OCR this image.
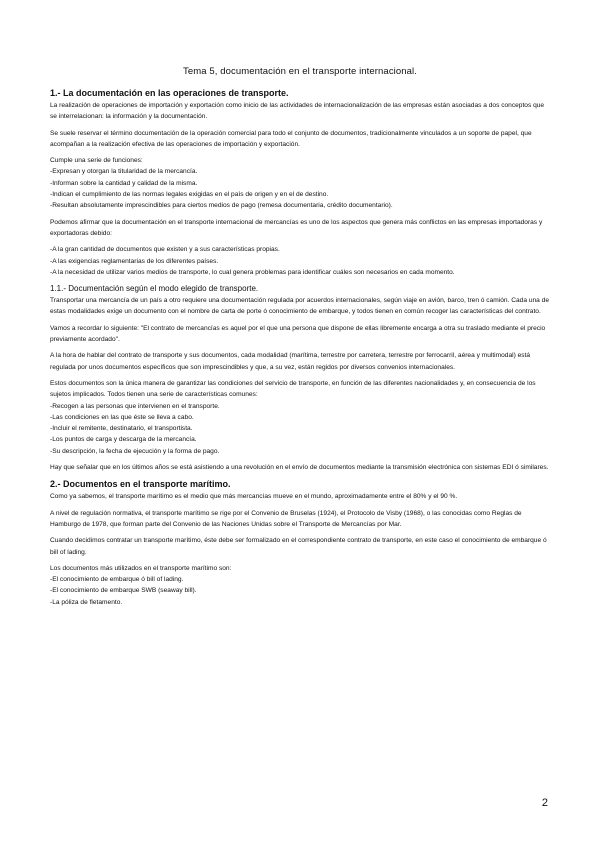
Tema 5, documentación en el transporte internacional.
1.- La documentación en las operaciones de transporte.
La realización de operaciones de importación y exportación como inicio de las actividades de internacionalización de las empresas están asociadas a dos conceptos que se interrelacionan: la información y la documentación.
Se suele reservar el término documentación de la operación comercial para todo el conjunto de documentos, tradicionalmente vinculados a un soporte de papel, que acompañan a la realización efectiva de las operaciones de importación y exportación.
Cumple una serie de funciones:
-Expresan y otorgan la titularidad de la mercancía.
-Informan sobre la cantidad y calidad de la misma.
-Indican el cumplimiento de las normas legales exigidas en el país de origen y en el de destino.
-Resultan absolutamente imprescindibles para ciertos medios de pago (remesa documentaria, crédito documentario).
Podemos afirmar que la documentación en el transporte internacional de mercancías es uno de los aspectos que genera más conflictos en las empresas importadoras y exportadoras debido:
-A la gran cantidad de documentos que existen y a sus características propias.
-A las exigencias reglamentarias de los diferentes países.
-A la necesidad de utilizar varios medios de transporte, lo cual genera problemas para identificar cuáles son necesarios en cada momento.
1.1.- Documentación según el modo elegido de transporte.
Transportar una mercancía de un país a otro requiere una documentación regulada por acuerdos internacionales, según viaje en avión, barco, tren ó camión. Cada una de estas modalidades exige un documento con el nombre de carta de porte ó conocimiento de embarque, y todos tienen en común recoger las características del contrato.
Vamos a recordar lo siguiente: "El contrato de mercancías es aquel por el que una persona que dispone de ellas libremente encarga a otra su traslado mediante el precio previamente acordado".
A la hora de hablar del contrato de transporte y sus documentos, cada modalidad (marítima, terrestre por carretera, terrestre por ferrocarril, aérea y multimodal) está regulada por unos documentos específicos que son imprescindibles y que, a su vez, están regidos por diversos convenios internacionales.
Estos documentos son la única manera de garantizar las condiciones del servicio de transporte, en función de las diferentes nacionalidades y, en consecuencia de los sujetos implicados. Todos tienen una serie de características comunes:
-Recogen a las personas que intervienen en el transporte.
-Las condiciones en las que éste se lleva a cabo.
-Incluir el remitente, destinatario, el transportista.
-Los puntos de carga y descarga de la mercancía.
-Su descripción, la fecha de ejecución y la forma de pago.
Hay que señalar que en los últimos años se está asistiendo a una revolución en el envío de documentos mediante la transmisión electrónica con sistemas EDI ó similares.
2.- Documentos en el transporte marítimo.
Como ya sabemos, el transporte marítimo es el medio que más mercancías mueve en el mundo, aproximadamente entre el 80% y el 90 %.
A nivel de regulación normativa, el transporte marítimo se rige por el Convenio de Bruselas (1924), el Protocolo de Visby (1968), o las conocidas como Reglas de Hamburgo de 1978, que forman parte del Convenio de las Naciones Unidas sobre el Transporte de Mercancías por Mar.
Cuando decidimos contratar un transporte marítimo, éste debe ser formalizado en el correspondiente contrato de transporte, en este caso el conocimiento de embarque ó bill of lading.
Los documentos más utilizados en el transporte marítimo son:
-El conocimiento de embarque ó bill of lading.
-El conocimiento de embarque SWB (seaway bill).
-La póliza de fletamento.
2
